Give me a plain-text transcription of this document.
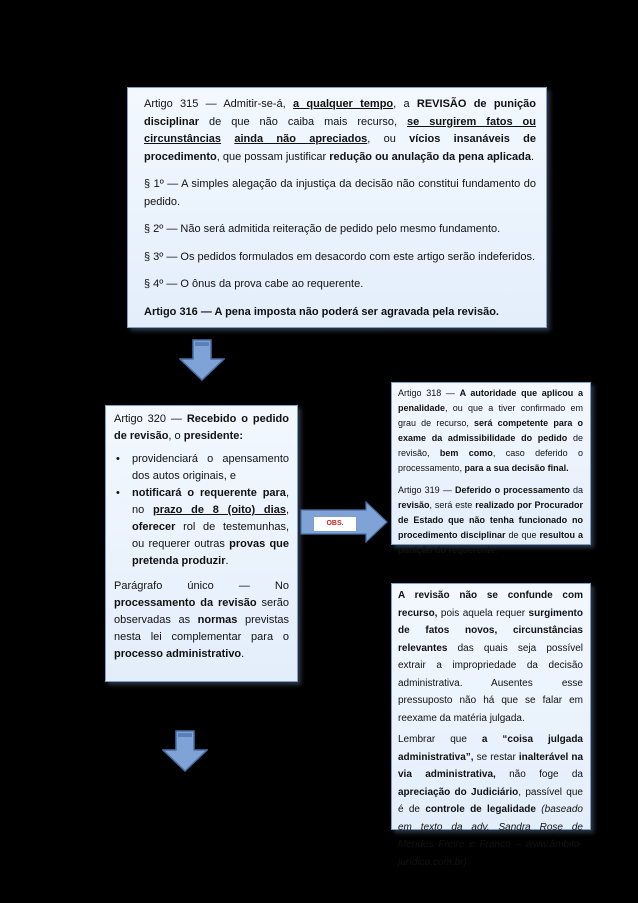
Artigo 315 — Admitir-se-á, a qualquer tempo, a REVISÃO de punição disciplinar de que não caiba mais recurso, se surgirem fatos ou circunstâncias ainda não apreciados, ou vícios insanáveis de procedimento, que possam justificar redução ou anulação da pena aplicada.

§ 1º — A simples alegação da injustiça da decisão não constitui fundamento do pedido.

§ 2º — Não será admitida reiteração de pedido pelo mesmo fundamento.

§ 3º — Os pedidos formulados em desacordo com este artigo serão indeferidos.

§ 4º — O ônus da prova cabe ao requerente.

Artigo 316 — A pena imposta não poderá ser agravada pela revisão.

Artigo 320 — Recebido o pedido de revisão, o presidente:

• providenciará o apensamento dos autos originais, e
• notificará o requerente para, no prazo de 8 (oito) dias, oferecer rol de testemunhas, ou requerer outras provas que pretenda produzir.

Parágrafo único — No processamento da revisão serão observadas as normas previstas nesta lei complementar para o processo administrativo.

OBS.

Artigo 318 — A autoridade que aplicou a penalidade, ou que a tiver confirmado em grau de recurso, será competente para o exame da admissibilidade do pedido de revisão, bem como, caso deferido o processamento, para a sua decisão final.

Artigo 319 — Deferido o processamento da revisão, será este realizado por Procurador de Estado que não tenha funcionado no procedimento disciplinar de que resultou a punição do requerente.

A revisão não se confunde com recurso, pois aquela requer surgimento de fatos novos, circunstâncias relevantes das quais seja possível extrair a impropriedade da decisão administrativa. Ausentes esse pressuposto não há que se falar em reexame da matéria julgada.

Lembrar que a “coisa julgada administrativa”, se restar inalterável na via administrativa, não foge da apreciação do Judiciário, passível que é de controle de legalidade (baseado em texto da adv. Sandra Rose de Mendes Freire e Franco – www.âmbito-jurídico.com.br).
